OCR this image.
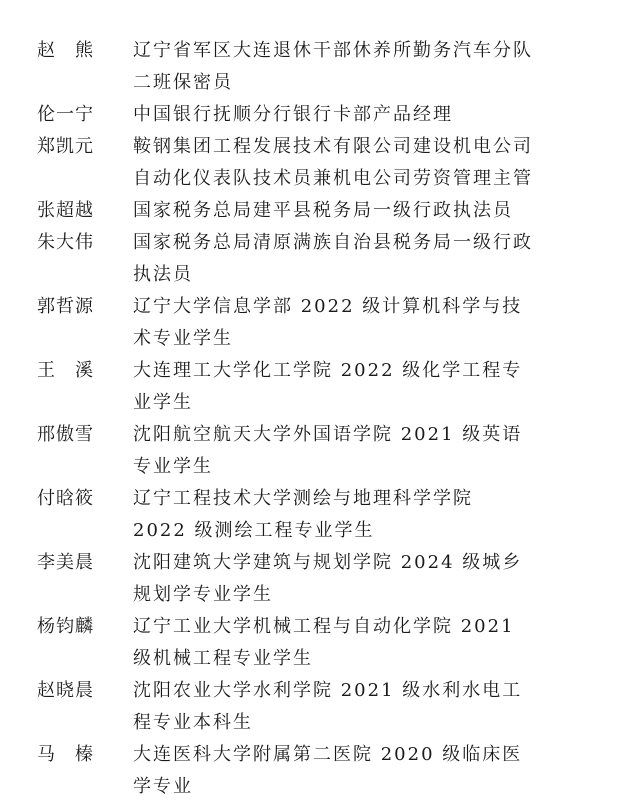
赵　熊	辽宁省军区大连退休干部休养所勤务汽车分队二班保密员
伦一宁	中国银行抚顺分行银行卡部产品经理
郑凯元	鞍钢集团工程发展技术有限公司建设机电公司自动化仪表队技术员兼机电公司劳资管理主管
张超越	国家税务总局建平县税务局一级行政执法员
朱大伟	国家税务总局清原满族自治县税务局一级行政执法员
郭哲源	辽宁大学信息学部 2022 级计算机科学与技术专业学生
王　溪	大连理工大学化工学院 2022 级化学工程专业学生
邢傲雪	沈阳航空航天大学外国语学院 2021 级英语专业学生
付晗筱	辽宁工程技术大学测绘与地理科学学院 2022 级测绘工程专业学生
李美晨	沈阳建筑大学建筑与规划学院 2024 级城乡规划学专业学生
杨钧麟	辽宁工业大学机械工程与自动化学院 2021 级机械工程专业学生
赵晓晨	沈阳农业大学水利学院 2021 级水利水电工程专业本科生
马　榛	大连医科大学附属第二医院 2020 级临床医学专业
